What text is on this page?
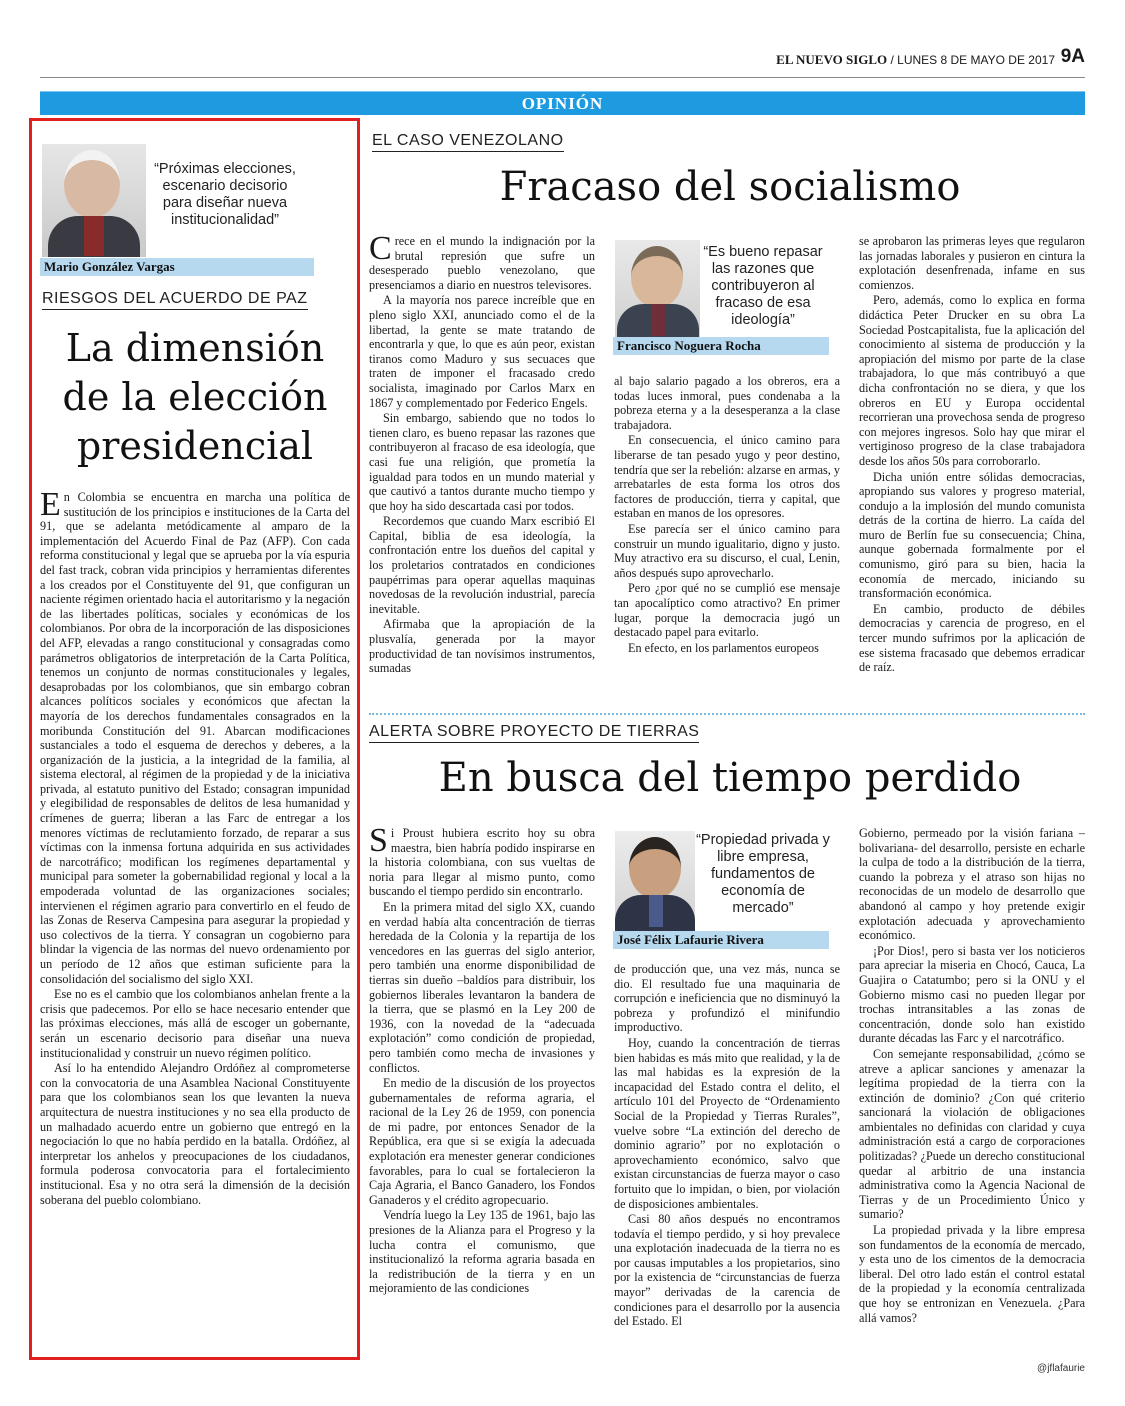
EL NUEVO SIGLO / LUNES 8 DE MAYO DE 2017 9A
OPINIÓN
Mario González Vargas
“Próximas elecciones, escenario decisorio para diseñar nueva institucionalidad”
RIESGOS DEL ACUERDO DE PAZ
La dimensión de la elección presidencial

En Colombia se encuentra en marcha una política de sustitución de los principios e instituciones de la Carta del 91, que se adelanta metódicamente al amparo de la implementación del Acuerdo Final de Paz (AFP). Con cada reforma constitucional y legal que se aprueba por la vía espuria del fast track, cobran vida principios y herramientas diferentes a los creados por el Constituyente del 91, que configuran un naciente régimen orientado hacia el autoritarismo y la negación de las libertades políticas, sociales y económicas de los colombianos. Por obra de la incorporación de las disposiciones del AFP, elevadas a rango constitucional y consagradas como parámetros obligatorios de interpretación de la Carta Política, tenemos un conjunto de normas constitucionales y legales, desaprobadas por los colombianos, que sin embargo cobran alcances políticos sociales y económicos que afectan la mayoría de los derechos fundamentales consagrados en la moribunda Constitución del 91. Abarcan modificaciones sustanciales a todo el esquema de derechos y deberes, a la organización de la justicia, a la integridad de la familia, al sistema electoral, al régimen de la propiedad y de la iniciativa privada, al estatuto punitivo del Estado; consagran impunidad y elegibilidad de responsables de delitos de lesa humanidad y crímenes de guerra; liberan a las Farc de entregar a los menores víctimas de reclutamiento forzado, de reparar a sus víctimas con la inmensa fortuna adquirida en sus actividades de narcotráfico; modifican los regímenes departamental y municipal para someter la gobernabilidad regional y local a la empoderada voluntad de las organizaciones sociales; intervienen el régimen agrario para convertirlo en el feudo de las Zonas de Reserva Campesina para asegurar la propiedad y uso colectivos de la tierra. Y consagran un cogobierno para blindar la vigencia de las normas del nuevo ordenamiento por un período de 12 años que estiman suficiente para la consolidación del socialismo del siglo XXI.

Ese no es el cambio que los colombianos anhelan frente a la crisis que padecemos. Por ello se hace necesario entender que las próximas elecciones, más allá de escoger un gobernante, serán un escenario decisorio para diseñar una nueva institucionalidad y construir un nuevo régimen político.

Así lo ha entendido Alejandro Ordóñez al comprometerse con la convocatoria de una Asamblea Nacional Constituyente para que los colombianos sean los que levanten la nueva arquitectura de nuestra instituciones y no sea ella producto de un malhadado acuerdo entre un gobierno que entregó en la negociación lo que no había perdido en la batalla. Ordóñez, al interpretar los anhelos y preocupaciones de los ciudadanos, formula poderosa convocatoria para el fortalecimiento institucional. Esa y no otra será la dimensión de la decisión soberana del pueblo colombiano.

EL CASO VENEZOLANO
Fracaso del socialismo

Crece en el mundo la indignación por la brutal represión que sufre un desesperado pueblo venezolano, que presenciamos a diario en nuestros televisores.

A la mayoría nos parece increíble que en pleno siglo XXI, anunciado como el de la libertad, la gente se mate tratando de encontrarla y que, lo que es aún peor, existan tiranos como Maduro y sus secuaces que traten de imponer el fracasado credo socialista, imaginado por Carlos Marx en 1867 y complementado por Federico Engels.

Sin embargo, sabiendo que no todos lo tienen claro, es bueno repasar las razones que contribuyeron al fracaso de esa ideología, que casi fue una religión, que prometía la igualdad para todos en un mundo material y que cautivó a tantos durante mucho tiempo y que hoy ha sido descartada casi por todos.

Recordemos que cuando Marx escribió El Capital, biblia de esa ideología, la confrontación entre los dueños del capital y los proletarios contratados en condiciones paupérrimas para operar aquellas maquinas novedosas de la revolución industrial, parecía inevitable.

Afirmaba que la apropiación de la plusvalía, generada por la mayor productividad de tan novísimos instrumentos, sumadas

Francisco Noguera Rocha
“Es bueno repasar las razones que contribuyeron al fracaso de esa ideología”

al bajo salario pagado a los obreros, era a todas luces inmoral, pues condenaba a la pobreza eterna y a la desesperanza a la clase trabajadora.

En consecuencia, el único camino para liberarse de tan pesado yugo y peor destino, tendría que ser la rebelión: alzarse en armas, y arrebatarles de esta forma los otros dos factores de producción, tierra y capital, que estaban en manos de los opresores.

Ese parecía ser el único camino para construir un mundo igualitario, digno y justo. Muy atractivo era su discurso, el cual, Lenin, años después supo aprovecharlo.

Pero ¿por qué no se cumplió ese mensaje tan apocalíptico como atractivo? En primer lugar, porque la democracia jugó un destacado papel para evitarlo.

En efecto, en los parlamentos europeos

se aprobaron las primeras leyes que regularon las jornadas laborales y pusieron en cintura la explotación desenfrenada, infame en sus comienzos.

Pero, además, como lo explica en forma didáctica Peter Drucker en su obra La Sociedad Postcapitalista, fue la aplicación del conocimiento al sistema de producción y la apropiación del mismo por parte de la clase trabajadora, lo que más contribuyó a que dicha confrontación no se diera, y que los obreros en EU y Europa occidental recorrieran una provechosa senda de progreso con mejores ingresos. Solo hay que mirar el vertiginoso progreso de la clase trabajadora desde los años 50s para corroborarlo.

Dicha unión entre sólidas democracias, apropiando sus valores y progreso material, condujo a la implosión del mundo comunista detrás de la cortina de hierro. La caída del muro de Berlín fue su consecuencia; China, aunque gobernada formalmente por el comunismo, giró para su bien, hacia la economía de mercado, iniciando su transformación económica.

En cambio, producto de débiles democracias y carencia de progreso, en el tercer mundo sufrimos por la aplicación de ese sistema fracasado que debemos erradicar de raíz.

ALERTA SOBRE PROYECTO DE TIERRAS
En busca del tiempo perdido

Si Proust hubiera escrito hoy su obra maestra, bien habría podido inspirarse en la historia colombiana, con sus vueltas de noria para llegar al mismo punto, como buscando el tiempo perdido sin encontrarlo.

En la primera mitad del siglo XX, cuando en verdad había alta concentración de tierras heredada de la Colonia y la repartija de los vencedores en las guerras del siglo anterior, pero también una enorme disponibilidad de tierras sin dueño –baldíos para distribuir, los gobiernos liberales levantaron la bandera de la tierra, que se plasmó en la Ley 200 de 1936, con la novedad de la “adecuada explotación” como condición de propiedad, pero también como mecha de invasiones y conflictos.

En medio de la discusión de los proyectos gubernamentales de reforma agraria, el racional de la Ley 26 de 1959, con ponencia de mi padre, por entonces Senador de la República, era que si se exigía la adecuada explotación era menester generar condiciones favorables, para lo cual se fortalecieron la Caja Agraria, el Banco Ganadero, los Fondos Ganaderos y el crédito agropecuario.

Vendría luego la Ley 135 de 1961, bajo las presiones de la Alianza para el Progreso y la lucha contra el comunismo, que institucionalizó la reforma agraria basada en la redistribución de la tierra y en un mejoramiento de las condiciones

José Félix Lafaurie Rivera
“Propiedad privada y libre empresa, fundamentos de economía de mercado”

de producción que, una vez más, nunca se dio. El resultado fue una maquinaria de corrupción e ineficiencia que no disminuyó la pobreza y profundizó el minifundio improductivo.

Hoy, cuando la concentración de tierras bien habidas es más mito que realidad, y la de las mal habidas es la expresión de la incapacidad del Estado contra el delito, el artículo 101 del Proyecto de “Ordenamiento Social de la Propiedad y Tierras Rurales”, vuelve sobre “La extinción del derecho de dominio agrario” por no explotación o aprovechamiento económico, salvo que existan circunstancias de fuerza mayor o caso fortuito que lo impidan, o bien, por violación de disposiciones ambientales.

Casi 80 años después no encontramos todavía el tiempo perdido, y si hoy prevalece una explotación inadecuada de la tierra no es por causas imputables a los propietarios, sino por la existencia de “circunstancias de fuerza mayor” derivadas de la carencia de condiciones para el desarrollo por la ausencia del Estado. El

Gobierno, permeado por la visión fariana –bolivariana- del desarrollo, persiste en echarle la culpa de todo a la distribución de la tierra, cuando la pobreza y el atraso son hijas no reconocidas de un modelo de desarrollo que abandonó al campo y hoy pretende exigir explotación adecuada y aprovechamiento económico.

¡Por Dios!, pero si basta ver los noticieros para apreciar la miseria en Chocó, Cauca, La Guajira o Catatumbo; pero si la ONU y el Gobierno mismo casi no pueden llegar por trochas intransitables a las zonas de concentración, donde solo han existido durante décadas las Farc y el narcotráfico.

Con semejante responsabilidad, ¿cómo se atreve a aplicar sanciones y amenazar la legítima propiedad de la tierra con la extinción de dominio? ¿Con qué criterio sancionará la violación de obligaciones ambientales no definidas con claridad y cuya administración está a cargo de corporaciones politizadas? ¿Puede un derecho constitucional quedar al arbitrio de una instancia administrativa como la Agencia Nacional de Tierras y de un Procedimiento Único y sumario?

La propiedad privada y la libre empresa son fundamentos de la economía de mercado, y esta uno de los cimentos de la democracia liberal. Del otro lado están el control estatal de la propiedad y la economía centralizada que hoy se entronizan en Venezuela. ¿Para allá vamos?

@jflafaurie
